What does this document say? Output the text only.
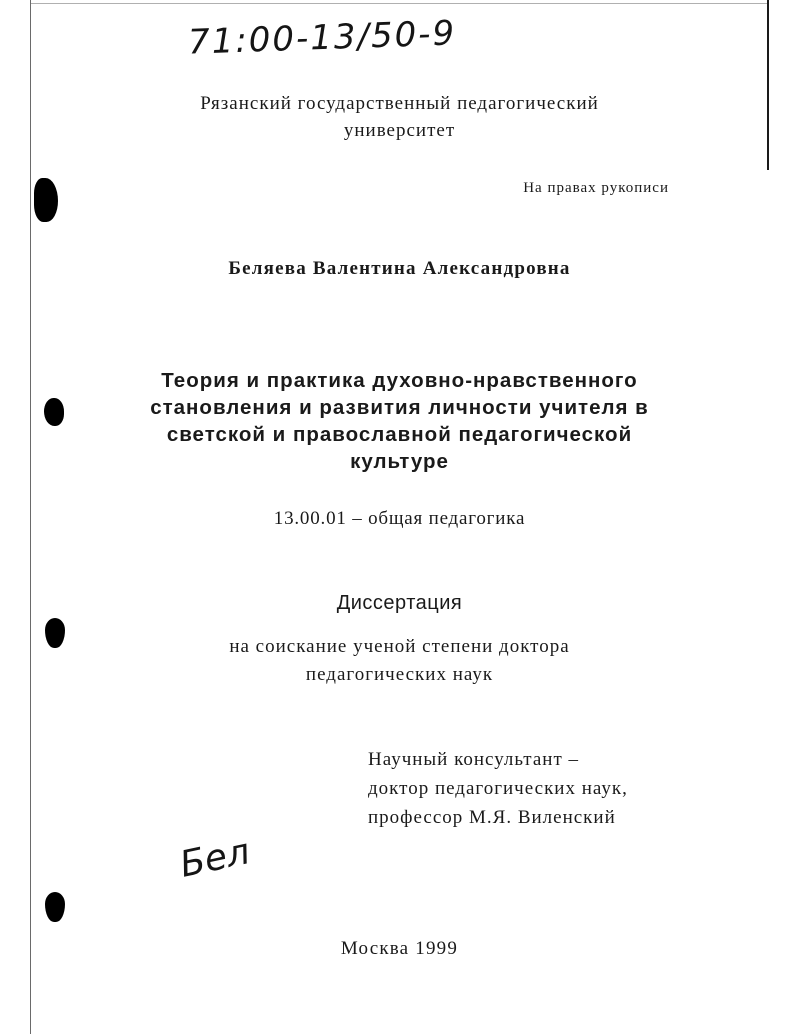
71:00-13/50-9
Рязанский государственный педагогический
университет
На правах рукописи
Беляева Валентина Александровна
Теория и практика духовно-нравственного
становления и развития личности учителя в
светской и православной педагогической
культуре
13.00.01 – общая педагогика
Диссертация
на соискание ученой степени доктора
педагогических наук
Научный консультант –
доктор педагогических наук,
профессор М.Я. Виленский
Бел
Москва 1999
